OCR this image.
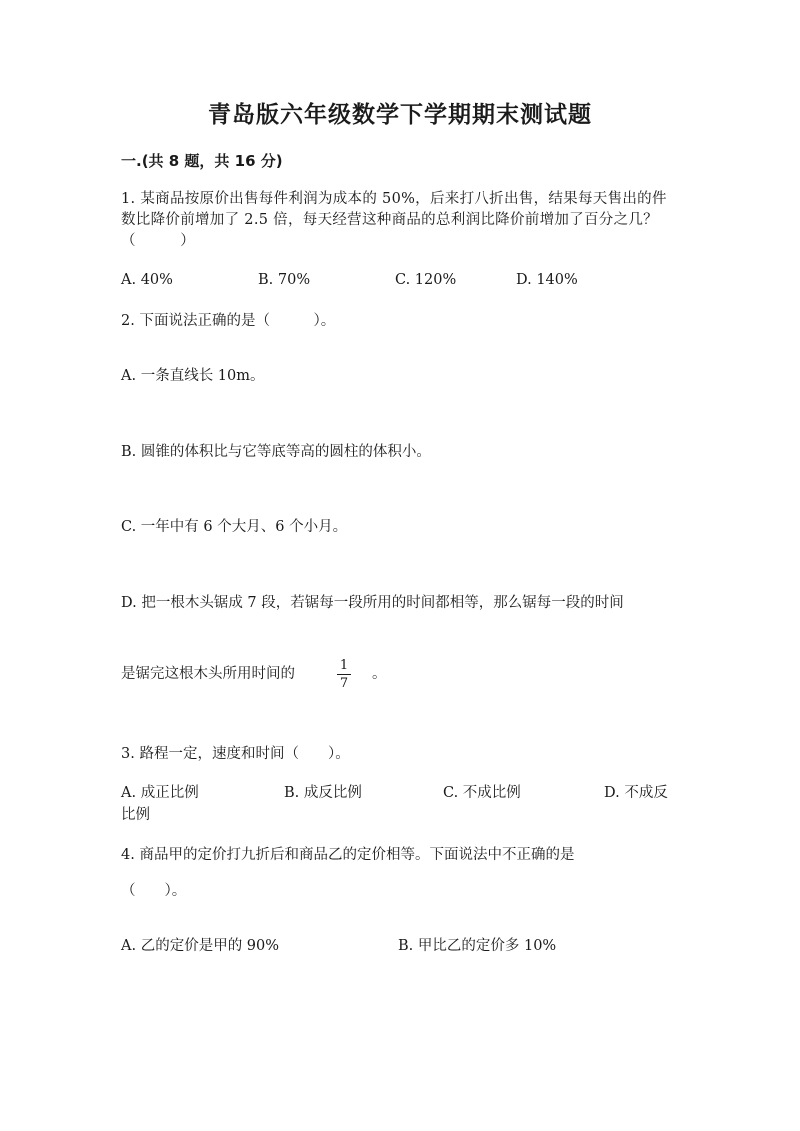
青岛版六年级数学下学期期末测试题
一.(共 8 题，共 16 分)
1. 某商品按原价出售每件利润为成本的 50%，后来打八折出售，结果每天售出的件数比降价前增加了 2.5 倍，每天经营这种商品的总利润比降价前增加了百分之几？（　　　）
A. 40%	B. 70%	C. 120%	D. 140%
2. 下面说法正确的是（　　　）。
A. 一条直线长 10m。
B. 圆锥的体积比与它等底等高的圆柱的体积小。
C. 一年中有 6 个大月、6 个小月。
D. 把一根木头锯成 7 段，若锯每一段所用的时间都相等，那么锯每一段的时间
是锯完这根木头所用时间的
1
7
。
3. 路程一定，速度和时间（　　）。
A. 成正比例	B. 成反比例	C. 不成比例	D. 不成反
比例
4. 商品甲的定价打九折后和商品乙的定价相等。下面说法中不正确的是
（　　）。
A. 乙的定价是甲的 90%	B. 甲比乙的定价多 10%
